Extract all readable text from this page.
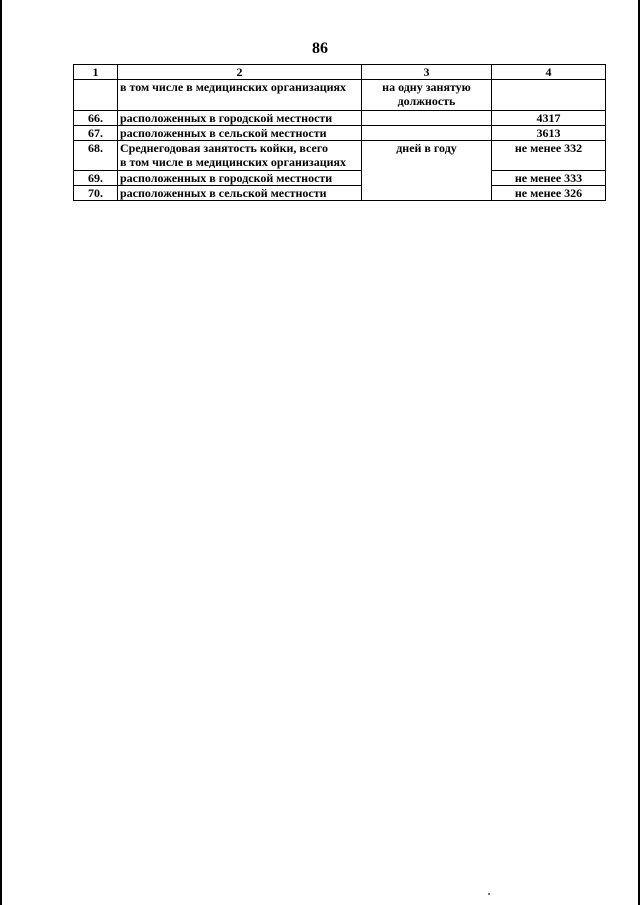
86
1	2	3	4
	в том числе в медицинских организациях	на одну занятую должность	
66.	расположенных в городской местности		4317
67.	расположенных в сельской местности		3613
68.	Среднегодовая занятость койки, всего
в том числе в медицинских организациях	дней в году	не менее 332
69.	расположенных в городской местности		не менее 333
70.	расположенных в сельской местности		не менее 326
